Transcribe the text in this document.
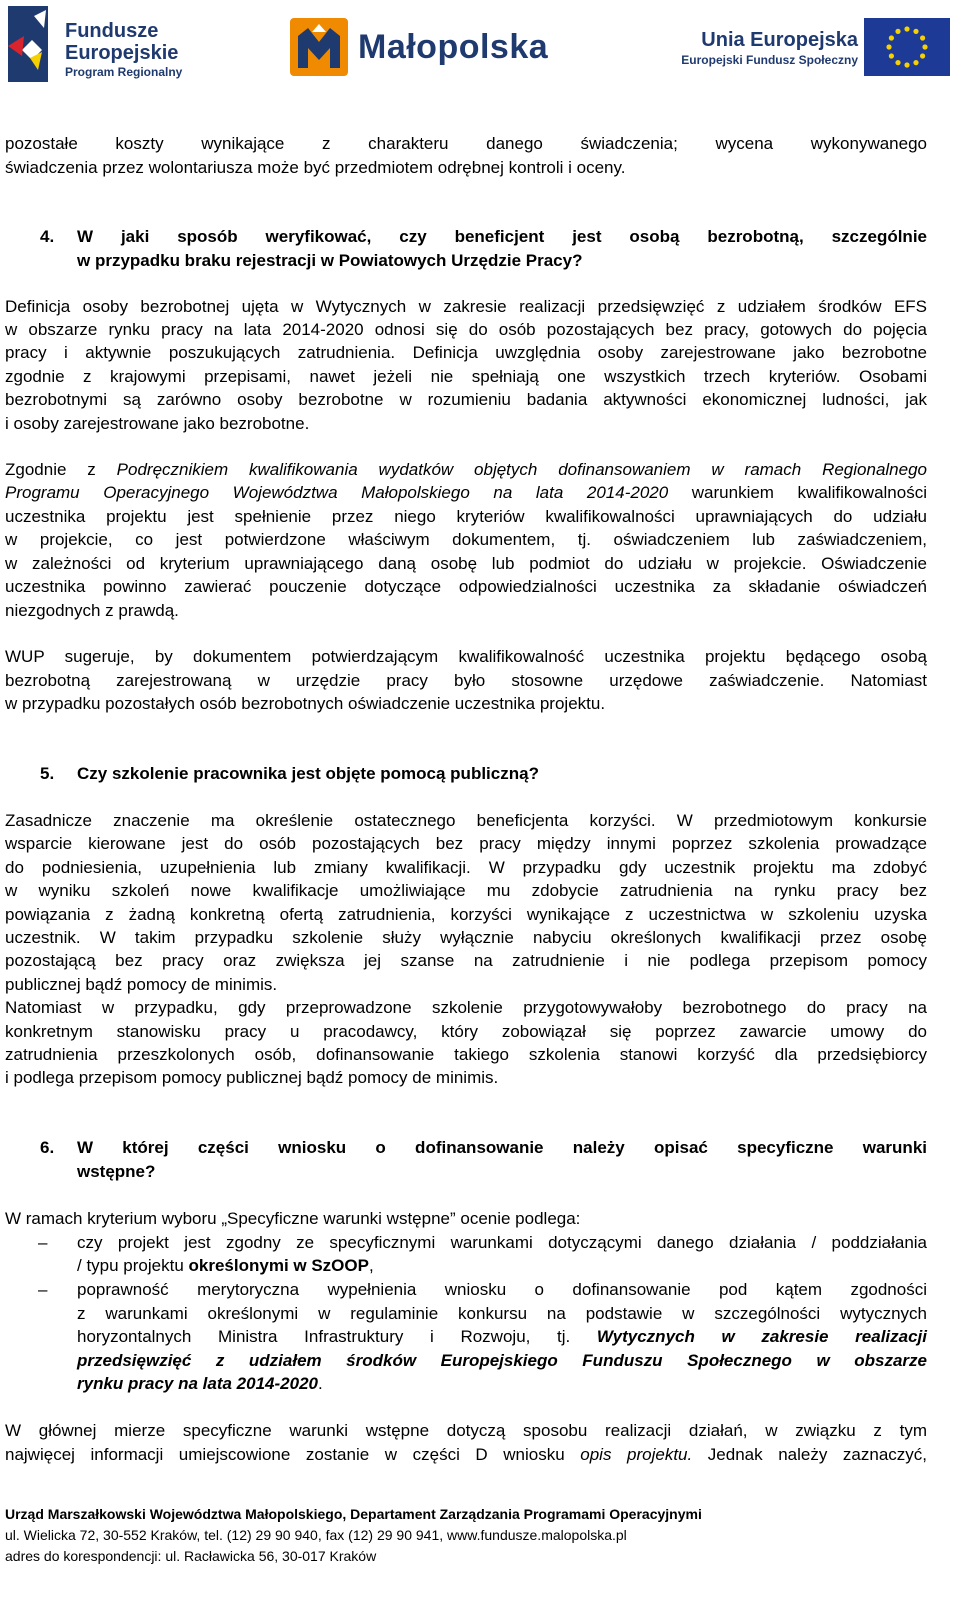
Fundusze
Europejskie
Program Regionalny
Małopolska	Unia Europejska
Europejski Fundusz Społeczny
pozostałe koszty wynikające z charakteru danego świadczenia; wycena wykonywanego
świadczenia przez wolontariusza może być przedmiotem odrębnej kontroli i oceny.
4. W jaki sposób weryfikować, czy beneficjent jest osobą bezrobotną, szczególnie
w przypadku braku rejestracji w Powiatowych Urzędzie Pracy?
Definicja osoby bezrobotnej ujęta w Wytycznych w zakresie realizacji przedsięwzięć z udziałem środków EFS
w obszarze rynku pracy na lata 2014-2020 odnosi się do osób pozostających bez pracy, gotowych do pojęcia
pracy i aktywnie poszukujących zatrudnienia. Definicja uwzględnia osoby zarejestrowane jako bezrobotne
zgodnie z krajowymi przepisami, nawet jeżeli nie spełniają one wszystkich trzech kryteriów. Osobami
bezrobotnymi są zarówno osoby bezrobotne w rozumieniu badania aktywności ekonomicznej ludności, jak
i osoby zarejestrowane jako bezrobotne.
Zgodnie z Podręcznikiem kwalifikowania wydatków objętych dofinansowaniem w ramach Regionalnego
Programu Operacyjnego Województwa Małopolskiego na lata 2014-2020 warunkiem kwalifikowalności
uczestnika projektu jest spełnienie przez niego kryteriów kwalifikowalności uprawniających do udziału
w projekcie, co jest potwierdzone właściwym dokumentem, tj. oświadczeniem lub zaświadczeniem,
w zależności od kryterium uprawniającego daną osobę lub podmiot do udziału w projekcie. Oświadczenie
uczestnika powinno zawierać pouczenie dotyczące odpowiedzialności uczestnika za składanie oświadczeń
niezgodnych z prawdą.
WUP sugeruje, by dokumentem potwierdzającym kwalifikowalność uczestnika projektu będącego osobą
bezrobotną zarejestrowaną w urzędzie pracy było stosowne urzędowe zaświadczenie. Natomiast
w przypadku pozostałych osób bezrobotnych oświadczenie uczestnika projektu.
5. Czy szkolenie pracownika jest objęte pomocą publiczną?
Zasadnicze znaczenie ma określenie ostatecznego beneficjenta korzyści. W przedmiotowym konkursie
wsparcie kierowane jest do osób pozostających bez pracy między innymi poprzez szkolenia prowadzące
do podniesienia, uzupełnienia lub zmiany kwalifikacji. W przypadku gdy uczestnik projektu ma zdobyć
w wyniku szkoleń nowe kwalifikacje umożliwiające mu zdobycie zatrudnienia na rynku pracy bez
powiązania z żadną konkretną ofertą zatrudnienia, korzyści wynikające z uczestnictwa w szkoleniu uzyska
uczestnik. W takim przypadku szkolenie służy wyłącznie nabyciu określonych kwalifikacji przez osobę
pozostającą bez pracy oraz zwiększa jej szanse na zatrudnienie i nie podlega przepisom pomocy
publicznej bądź pomocy de minimis.
Natomiast w przypadku, gdy przeprowadzone szkolenie przygotowywałoby bezrobotnego do pracy na
konkretnym stanowisku pracy u pracodawcy, który zobowiązał się poprzez zawarcie umowy do
zatrudnienia przeszkolonych osób, dofinansowanie takiego szkolenia stanowi korzyść dla przedsiębiorcy
i podlega przepisom pomocy publicznej bądź pomocy de minimis.
6. W której części wniosku o dofinansowanie należy opisać specyficzne warunki
wstępne?
W ramach kryterium wyboru „Specyficzne warunki wstępne” ocenie podlega:
– czy projekt jest zgodny ze specyficznymi warunkami dotyczącymi danego działania / poddziałania
/ typu projektu określonymi w SzOOP,
– poprawność merytoryczna wypełnienia wniosku o dofinansowanie pod kątem zgodności
z warunkami określonymi w regulaminie konkursu na podstawie w szczególności wytycznych
horyzontalnych Ministra Infrastruktury i Rozwoju, tj. Wytycznych w zakresie realizacji
przedsięwzięć z udziałem środków Europejskiego Funduszu Społecznego w obszarze
rynku pracy na lata 2014-2020.
W głównej mierze specyficzne warunki wstępne dotyczą sposobu realizacji działań, w związku z tym
najwięcej informacji umiejscowione zostanie w części D wniosku opis projektu. Jednak należy zaznaczyć,
Urząd Marszałkowski Województwa Małopolskiego, Departament Zarządzania Programami Operacyjnymi
ul. Wielicka 72, 30-552 Kraków, tel. (12) 29 90 940, fax (12) 29 90 941, www.fundusze.malopolska.pl
adres do korespondencji: ul. Racławicka 56, 30-017 Kraków
